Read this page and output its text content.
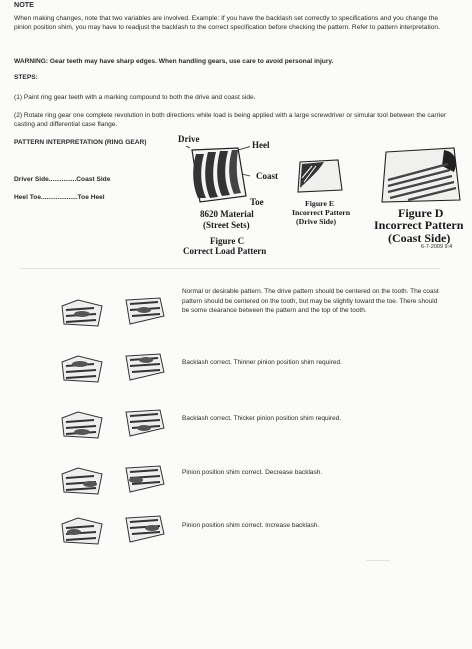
NOTE
When making changes, note that two variables are involved. Example: If you have the backlash set correctly to specifications and you change the pinion position shim, you may have to readjust the backlash to the correct specification before checking the pattern. Refer to pattern interpretation.
WARNING: Gear teeth may have sharp edges. When handling gears, use care to avoid personal injury.
STEPS:
(1) Paint ring gear teeth with a marking compound to both the drive and coast side.
(2) Rotate ring gear one complete revolution in both directions while load is being applied with a large screwdriver or simular tool between the carrier casting and differential case flange.
PATTERN INTERPRETATION (RING GEAR)
Driver Side...............Coast Side
Heel Toe....................Toe Heel
Drive
Heel
Coast
Toe
8620 Material
(Street Sets)
Figure C
Correct Load Pattern
Figure E
Incorrect Pattern
(Drive Side)
Figure D
Incorrect Pattern
(Coast Side)
6-7-2009 9:4
Normal or desirable pattern. The drive pattern should be centered on the tooth. The coast pattern should be centered on the tooth, but may be slightly toward the toe. There should be some clearance between the pattern and the top of the tooth.
Backlash correct. Thinner pinion position shim required.
Backlash correct. Thicker pinion position shim required.
Pinion position shim correct. Decrease backlash.
Pinion position shim correct. Increase backlash.
